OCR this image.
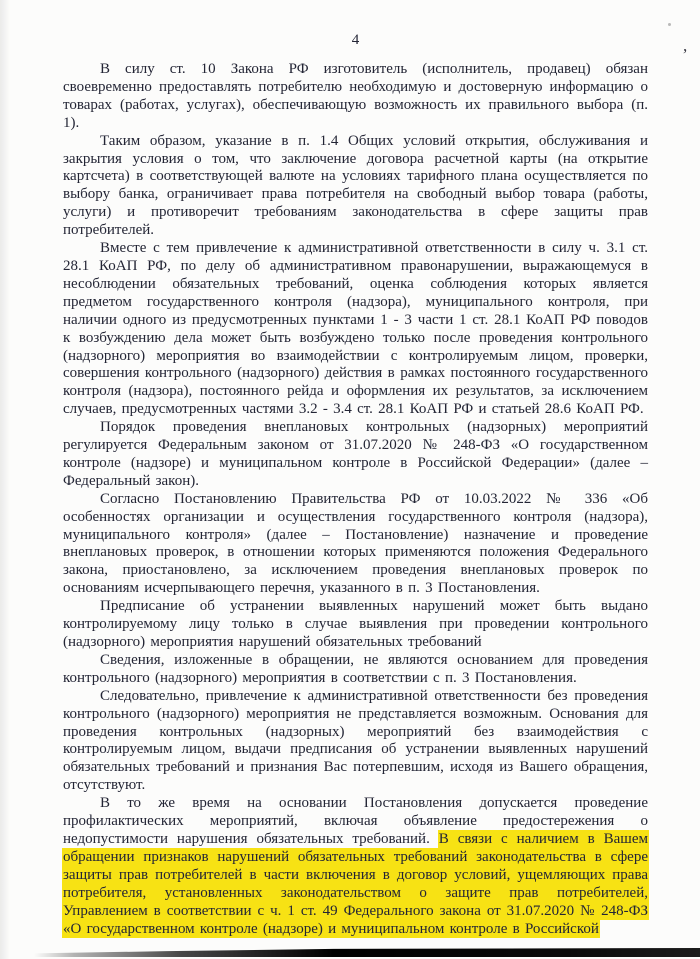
4	,

В силу ст. 10 Закона РФ изготовитель (исполнитель, продавец) обязан своевременно предоставлять потребителю необходимую и достоверную информацию о товарах (работах, услугах), обеспечивающую возможность их правильного выбора (п. 1).

Таким образом, указание в п. 1.4 Общих условий открытия, обслуживания и закрытия условия о том, что заключение договора расчетной карты (на открытие картсчета) в соответствующей валюте на условиях тарифного плана осуществляется по выбору банка, ограничивает права потребителя на свободный выбор товара (работы, услуги) и противоречит требованиям законодательства в сфере защиты прав потребителей.

Вместе с тем привлечение к административной ответственности в силу ч. 3.1 ст. 28.1 КоАП РФ, по делу об административном правонарушении, выражающемуся в несоблюдении обязательных требований, оценка соблюдения которых является предметом государственного контроля (надзора), муниципального контроля, при наличии одного из предусмотренных пунктами 1 - 3 части 1 ст. 28.1 КоАП РФ поводов к возбуждению дела может быть возбуждено только после проведения контрольного (надзорного) мероприятия во взаимодействии с контролируемым лицом, проверки, совершения контрольного (надзорного) действия в рамках постоянного государственного контроля (надзора), постоянного рейда и оформления их результатов, за исключением случаев, предусмотренных частями 3.2 - 3.4 ст. 28.1 КоАП РФ и статьей 28.6 КоАП РФ.

Порядок проведения внеплановых контрольных (надзорных) мероприятий регулируется Федеральным законом от 31.07.2020 № 248-ФЗ «О государственном контроле (надзоре) и муниципальном контроле в Российской Федерации» (далее – Федеральный закон).

Согласно Постановлению Правительства РФ от 10.03.2022 № 336 «Об особенностях организации и осуществления государственного контроля (надзора), муниципального контроля» (далее – Постановление) назначение и проведение внеплановых проверок, в отношении которых применяются положения Федерального закона, приостановлено, за исключением проведения внеплановых проверок по основаниям исчерпывающего перечня, указанного в п. 3 Постановления.

Предписание об устранении выявленных нарушений может быть выдано контролируемому лицу только в случае выявления при проведении контрольного (надзорного) мероприятия нарушений обязательных требований

Сведения, изложенные в обращении, не являются основанием для проведения контрольного (надзорного) мероприятия в соответствии с п. 3 Постановления.

Следовательно, привлечение к административной ответственности без проведения контрольного (надзорного) мероприятия не представляется возможным. Основания для проведения контрольных (надзорных) мероприятий без взаимодействия с контролируемым лицом, выдачи предписания об устранении выявленных нарушений обязательных требований и признания Вас потерпевшим, исходя из Вашего обращения, отсутствуют.

В то же время на основании Постановления допускается проведение профилактических мероприятий, включая объявление предостережения о недопустимости нарушения обязательных требований. В связи с наличием в Вашем обращении признаков нарушений обязательных требований законодательства в сфере защиты прав потребителей в части включения в договор условий, ущемляющих права потребителя, установленных законодательством о защите прав потребителей, Управлением в соответствии с ч. 1 ст. 49 Федерального закона от 31.07.2020 № 248-ФЗ «О государственном контроле (надзоре) и муниципальном контроле в Российской
